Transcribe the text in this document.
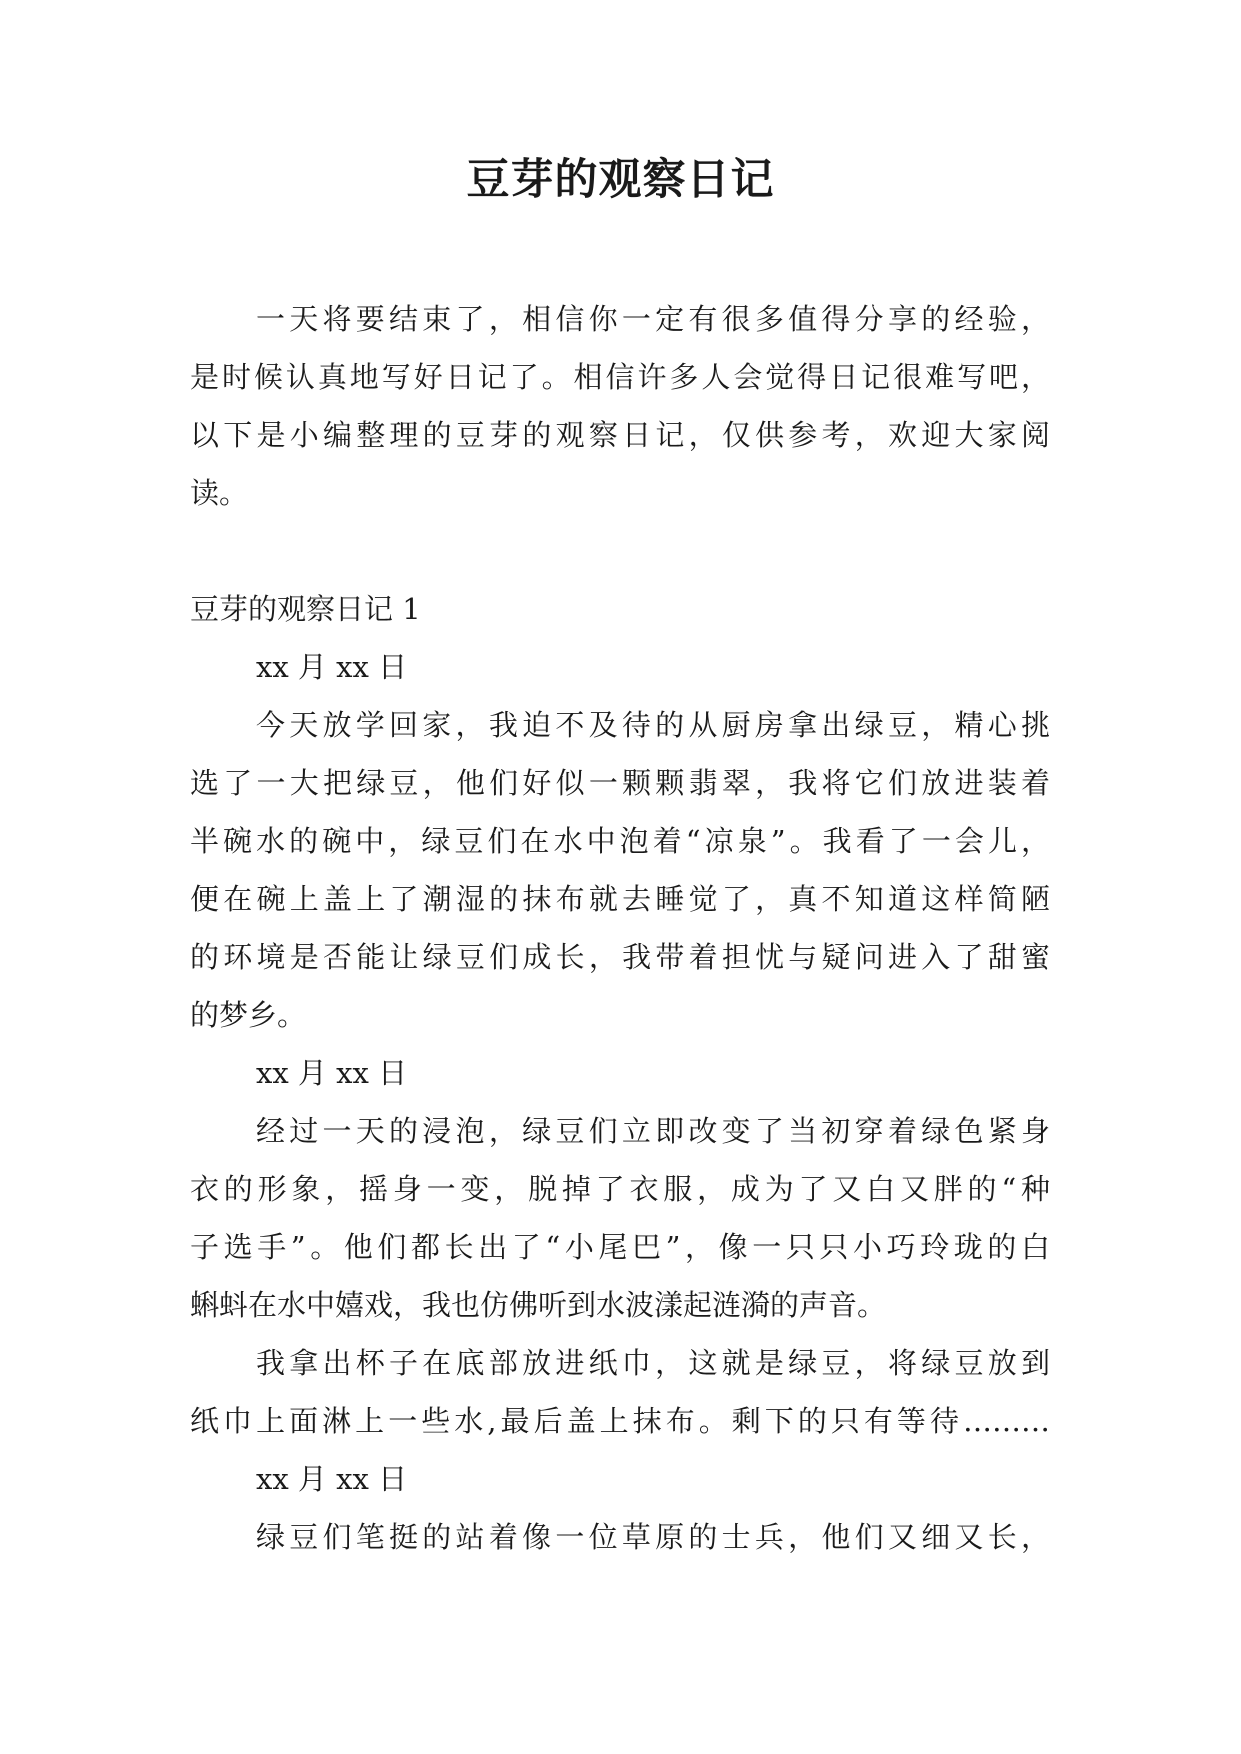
豆芽的观察日记
一天将要结束了，相信你一定有很多值得分享的经验，
是时候认真地写好日记了。相信许多人会觉得日记很难写吧，
以下是小编整理的豆芽的观察日记，仅供参考，欢迎大家阅
读。
豆芽的观察日记 1
xx 月 xx 日
今天放学回家，我迫不及待的从厨房拿出绿豆，精心挑
选了一大把绿豆，他们好似一颗颗翡翠，我将它们放进装着
半碗水的碗中，绿豆们在水中泡着“凉泉”。我看了一会儿，
便在碗上盖上了潮湿的抹布就去睡觉了，真不知道这样简陋
的环境是否能让绿豆们成长，我带着担忧与疑问进入了甜蜜
的梦乡。
xx 月 xx 日
经过一天的浸泡，绿豆们立即改变了当初穿着绿色紧身
衣的形象，摇身一变，脱掉了衣服，成为了又白又胖的“种
子选手”。他们都长出了“小尾巴”，像一只只小巧玲珑的白
蝌蚪在水中嬉戏，我也仿佛听到水波漾起涟漪的声音。
我拿出杯子在底部放进纸巾，这就是绿豆，将绿豆放到
纸巾上面淋上一些水,最后盖上抹布。剩下的只有等待………
xx 月 xx 日
绿豆们笔挺的站着像一位草原的士兵，他们又细又长，
